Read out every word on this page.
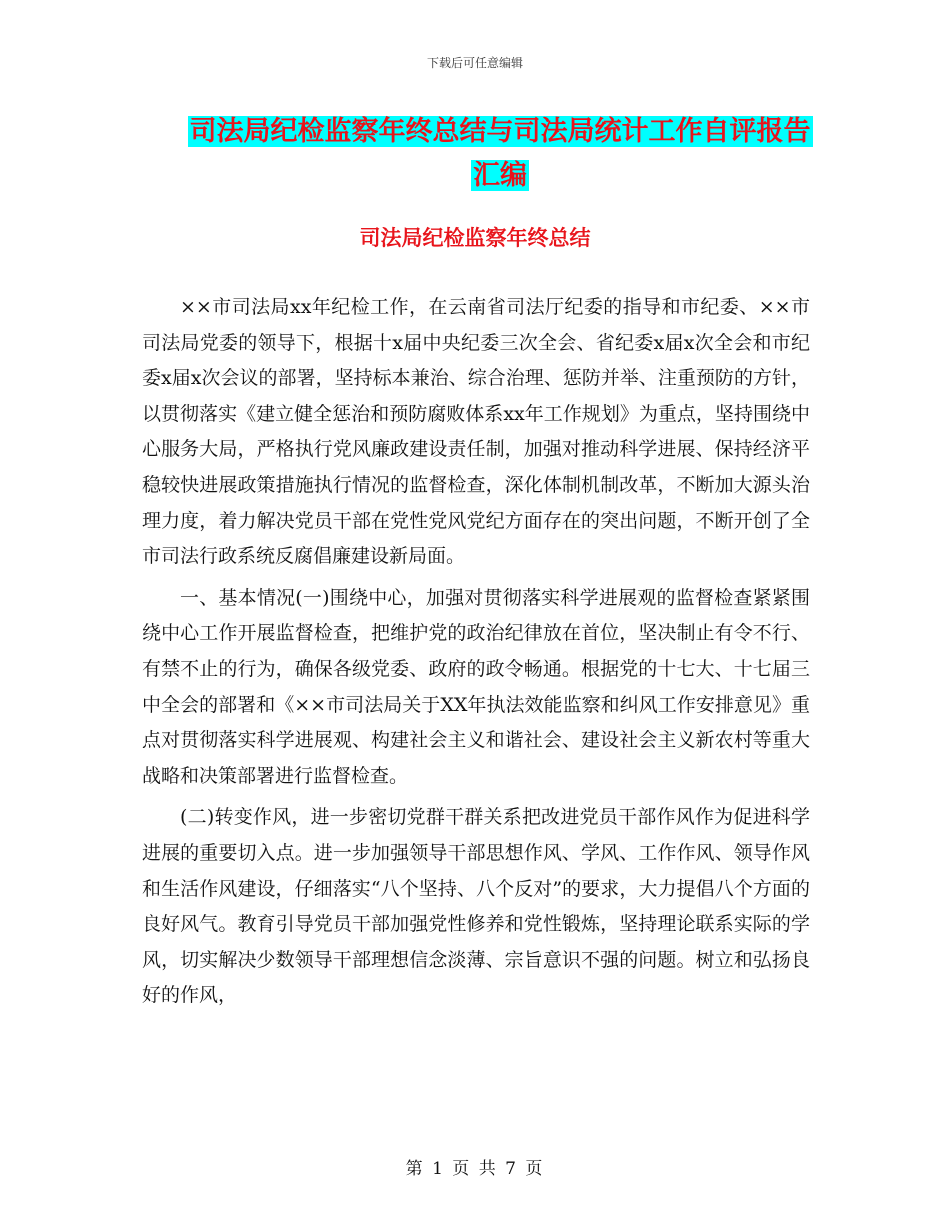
下载后可任意编辑
司法局纪检监察年终总结与司法局统计工作自评报告
汇编
司法局纪检监察年终总结

××市司法局xx年纪检工作，在云南省司法厅纪委的指导和市纪委、××市司法局党委的领导下，根据十x届中央纪委三次全会、省纪委x届x次全会和市纪委x届x次会议的部署，坚持标本兼治、综合治理、惩防并举、注重预防的方针，以贯彻落实《建立健全惩治和预防腐败体系xx年工作规划》为重点，坚持围绕中心服务大局，严格执行党风廉政建设责任制，加强对推动科学进展、保持经济平稳较快进展政策措施执行情况的监督检查，深化体制机制改革，不断加大源头治理力度，着力解决党员干部在党性党风党纪方面存在的突出问题，不断开创了全市司法行政系统反腐倡廉建设新局面。

一、基本情况(一)围绕中心，加强对贯彻落实科学进展观的监督检查紧紧围绕中心工作开展监督检查，把维护党的政治纪律放在首位，坚决制止有令不行、有禁不止的行为，确保各级党委、政府的政令畅通。根据党的十七大、十七届三中全会的部署和《××市司法局关于XX年执法效能监察和纠风工作安排意见》重点对贯彻落实科学进展观、构建社会主义和谐社会、建设社会主义新农村等重大战略和决策部署进行监督检查。

(二)转变作风，进一步密切党群干群关系把改进党员干部作风作为促进科学进展的重要切入点。进一步加强领导干部思想作风、学风、工作作风、领导作风和生活作风建设，仔细落实“八个坚持、八个反对”的要求，大力提倡八个方面的良好风气。教育引导党员干部加强党性修养和党性锻炼，坚持理论联系实际的学风，切实解决少数领导干部理想信念淡薄、宗旨意识不强的问题。树立和弘扬良好的作风，

第 1 页 共 7 页
